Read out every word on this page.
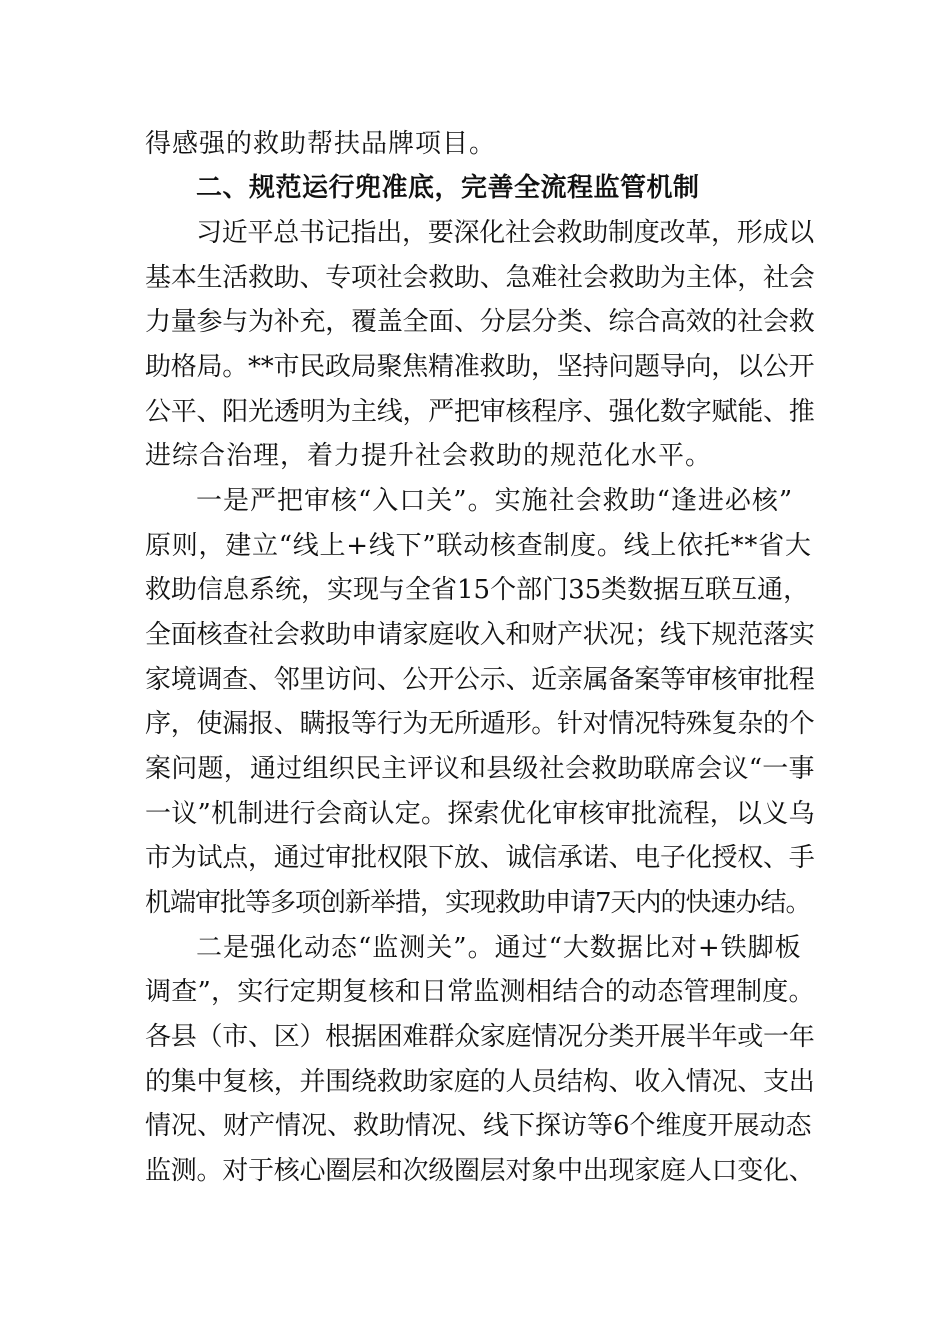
得感强的救助帮扶品牌项目。
二、规范运行兜准底，完善全流程监管机制
习近平总书记指出，要深化社会救助制度改革，形成以
基本生活救助、专项社会救助、急难社会救助为主体，社会
力量参与为补充，覆盖全面、分层分类、综合高效的社会救
助格局。**市民政局聚焦精准救助，坚持问题导向，以公开
公平、阳光透明为主线，严把审核程序、强化数字赋能、推
进综合治理，着力提升社会救助的规范化水平。
一是严把审核“入口关”。实施社会救助“逢进必核”
原则，建立“线上+线下”联动核查制度。线上依托**省大
救助信息系统，实现与全省15个部门35类数据互联互通，
全面核查社会救助申请家庭收入和财产状况；线下规范落实
家境调查、邻里访问、公开公示、近亲属备案等审核审批程
序，使漏报、瞒报等行为无所遁形。针对情况特殊复杂的个
案问题，通过组织民主评议和县级社会救助联席会议“一事
一议”机制进行会商认定。探索优化审核审批流程，以义乌
市为试点，通过审批权限下放、诚信承诺、电子化授权、手
机端审批等多项创新举措，实现救助申请7天内的快速办结。
二是强化动态“监测关”。通过“大数据比对+铁脚板
调查”，实行定期复核和日常监测相结合的动态管理制度。
各县（市、区）根据困难群众家庭情况分类开展半年或一年
的集中复核，并围绕救助家庭的人员结构、收入情况、支出
情况、财产情况、救助情况、线下探访等6个维度开展动态
监测。对于核心圈层和次级圈层对象中出现家庭人口变化、
